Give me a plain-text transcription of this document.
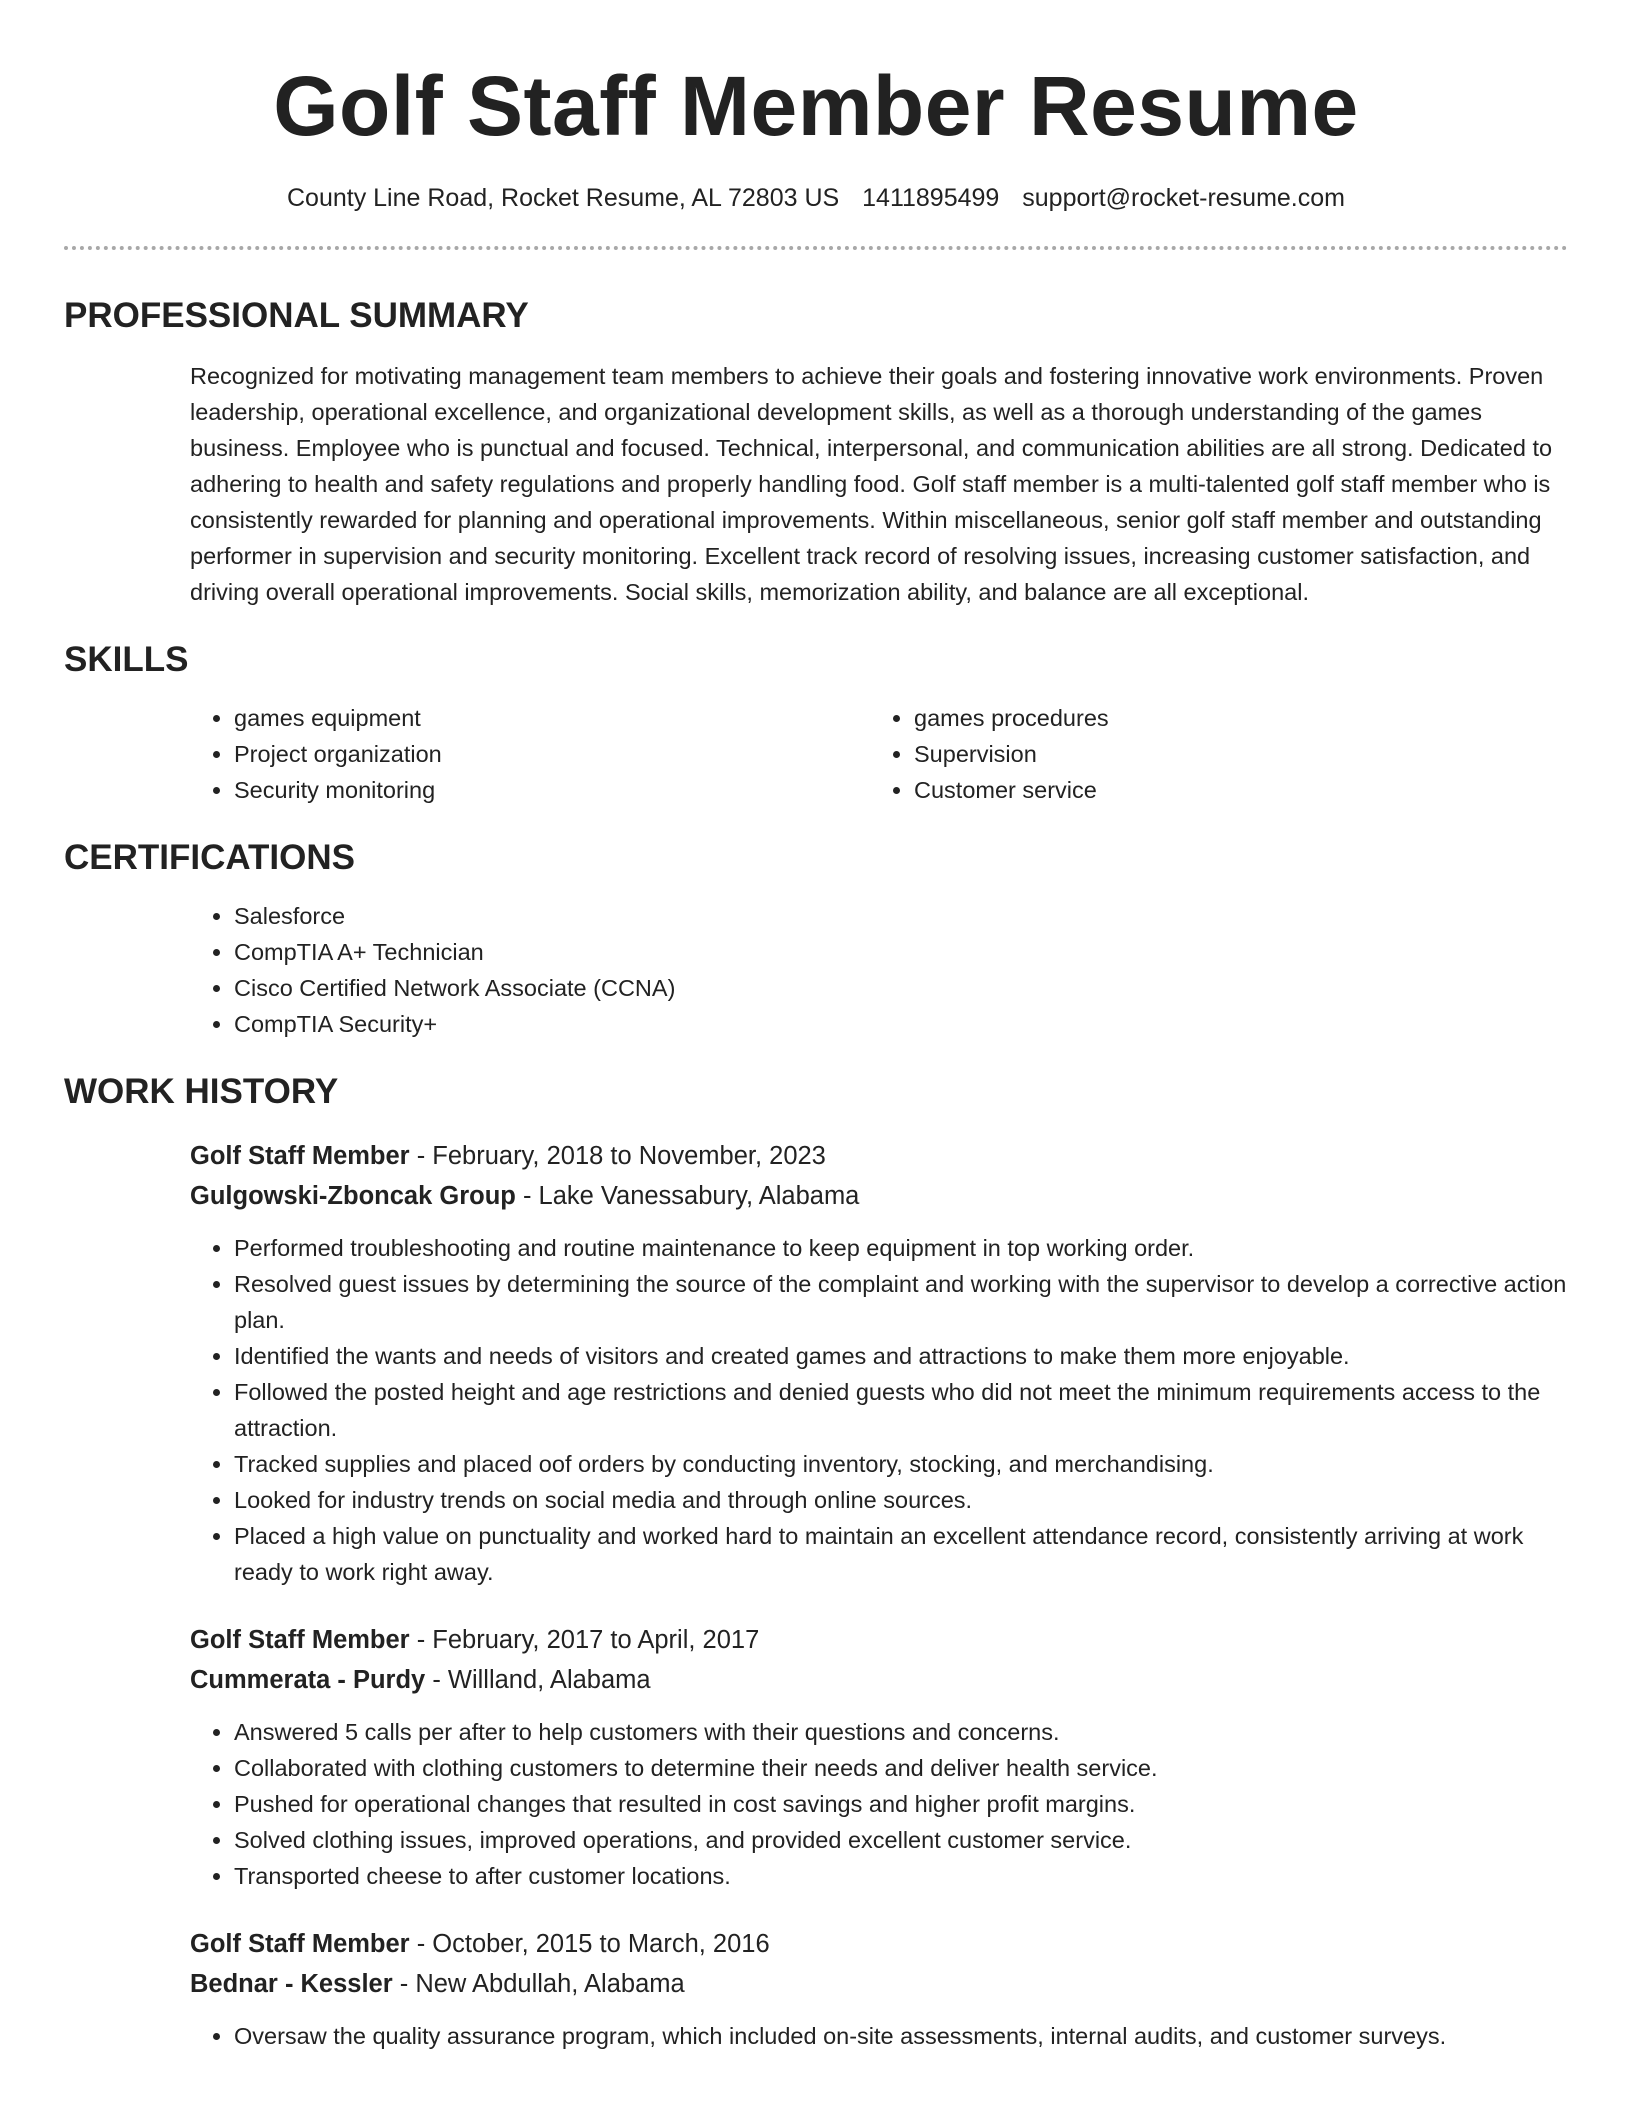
Golf Staff Member Resume
County Line Road, Rocket Resume, AL 72803 US 1411895499 support@rocket-resume.com
PROFESSIONAL SUMMARY
Recognized for motivating management team members to achieve their goals and fostering innovative work environments. Proven leadership, operational excellence, and organizational development skills, as well as a thorough understanding of the games business. Employee who is punctual and focused. Technical, interpersonal, and communication abilities are all strong. Dedicated to adhering to health and safety regulations and properly handling food. Golf staff member is a multi-talented golf staff member who is consistently rewarded for planning and operational improvements. Within miscellaneous, senior golf staff member and outstanding performer in supervision and security monitoring. Excellent track record of resolving issues, increasing customer satisfaction, and driving overall operational improvements. Social skills, memorization ability, and balance are all exceptional.
SKILLS
• games equipment
• Project organization
• Security monitoring
• games procedures
• Supervision
• Customer service
CERTIFICATIONS
• Salesforce
• CompTIA A+ Technician
• Cisco Certified Network Associate (CCNA)
• CompTIA Security+
WORK HISTORY
Golf Staff Member - February, 2018 to November, 2023
Gulgowski-Zboncak Group - Lake Vanessabury, Alabama
• Performed troubleshooting and routine maintenance to keep equipment in top working order.
• Resolved guest issues by determining the source of the complaint and working with the supervisor to develop a corrective action plan.
• Identified the wants and needs of visitors and created games and attractions to make them more enjoyable.
• Followed the posted height and age restrictions and denied guests who did not meet the minimum requirements access to the attraction.
• Tracked supplies and placed oof orders by conducting inventory, stocking, and merchandising.
• Looked for industry trends on social media and through online sources.
• Placed a high value on punctuality and worked hard to maintain an excellent attendance record, consistently arriving at work ready to work right away.
Golf Staff Member - February, 2017 to April, 2017
Cummerata - Purdy - Willland, Alabama
• Answered 5 calls per after to help customers with their questions and concerns.
• Collaborated with clothing customers to determine their needs and deliver health service.
• Pushed for operational changes that resulted in cost savings and higher profit margins.
• Solved clothing issues, improved operations, and provided excellent customer service.
• Transported cheese to after customer locations.
Golf Staff Member - October, 2015 to March, 2016
Bednar - Kessler - New Abdullah, Alabama
• Oversaw the quality assurance program, which included on-site assessments, internal audits, and customer surveys.
